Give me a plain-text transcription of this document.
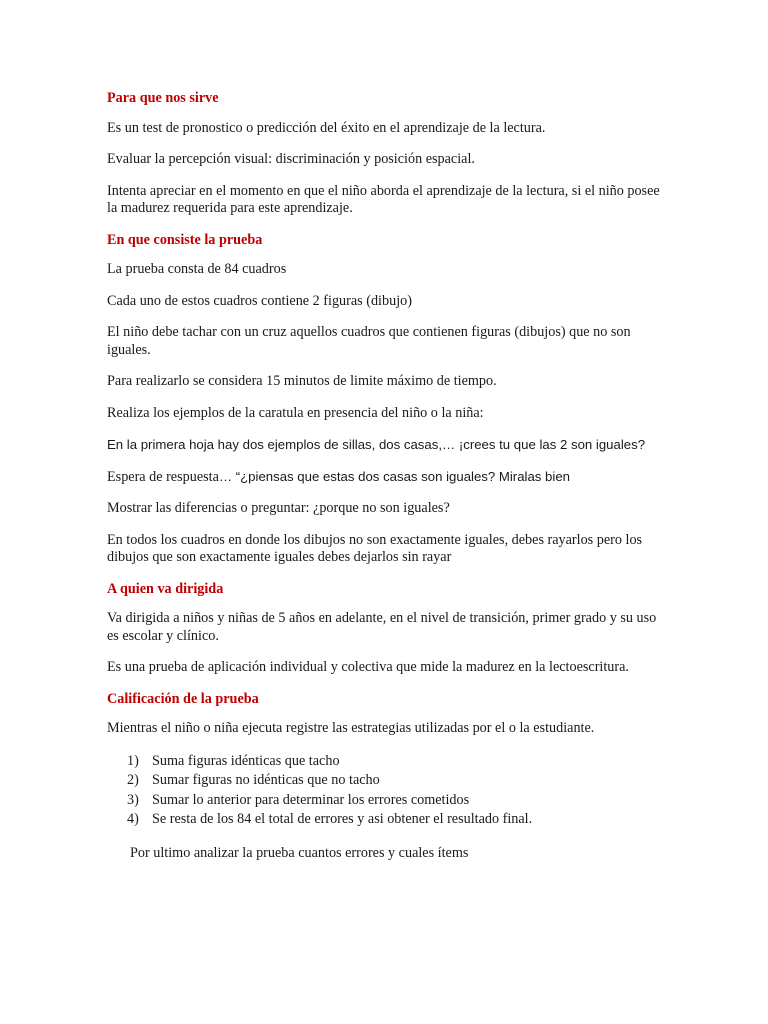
Para que nos sirve

Es un test de pronostico o predicción del éxito en el aprendizaje de la lectura.

Evaluar la percepción visual: discriminación y posición espacial.

Intenta apreciar en el momento en que el niño aborda el aprendizaje de la lectura, si el niño posee la madurez requerida para este aprendizaje.

En que consiste la prueba

La prueba consta de 84 cuadros

Cada uno de estos cuadros contiene 2 figuras (dibujo)

El niño debe tachar con un cruz aquellos cuadros que contienen figuras (dibujos) que no son iguales.

Para realizarlo se considera 15 minutos de limite máximo de tiempo.

Realiza los ejemplos de la caratula en presencia del niño o la niña:

En la primera hoja hay dos ejemplos de sillas, dos casas,… ¡crees tu que las 2 son iguales?

Espera de respuesta… “¿piensas que estas dos casas son iguales? Miralas bien

Mostrar las diferencias o preguntar: ¿porque no son iguales?

En todos los cuadros en donde los dibujos no son exactamente iguales, debes rayarlos pero los dibujos que son exactamente iguales debes dejarlos sin rayar

A quien va dirigida

Va dirigida a niños y niñas de 5 años en adelante, en el nivel de transición, primer grado y su uso es escolar y clínico.

Es una prueba de aplicación individual y colectiva que mide la madurez en la lectoescritura.

Calificación de la prueba

Mientras el niño o niña ejecuta registre las estrategias utilizadas por el o la estudiante.

1) Suma figuras idénticas que tacho
2) Sumar figuras no idénticas que no tacho
3) Sumar lo anterior para determinar los errores cometidos
4) Se resta de los 84 el total de errores y asi obtener el resultado final.

Por ultimo analizar la prueba cuantos errores y cuales ítems
